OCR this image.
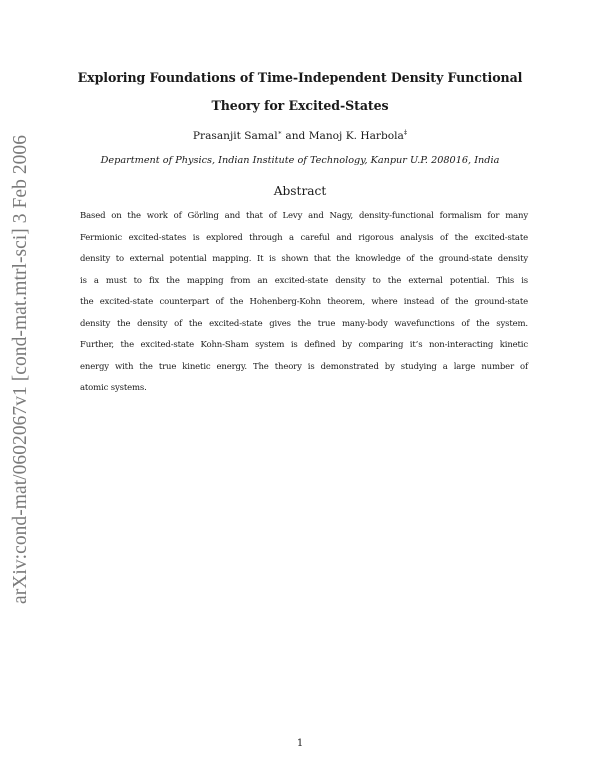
arXiv:cond-mat/0602067v1 [cond-mat.mtrl-sci] 3 Feb 2006
Exploring Foundations of Time-Independent Density Functional
Theory for Excited-States
Prasanjit Samal∗ and Manoj K. Harbola‡
Department of Physics, Indian Institute of Technology, Kanpur U.P. 208016, India
Abstract
Based on the work of Görling and that of Levy and Nagy, density-functional formalism for many
Fermionic excited-states is explored through a careful and rigorous analysis of the excited-state
density to external potential mapping. It is shown that the knowledge of the ground-state density
is a must to fix the mapping from an excited-state density to the external potential. This is
the excited-state counterpart of the Hohenberg-Kohn theorem, where instead of the ground-state
density the density of the excited-state gives the true many-body wavefunctions of the system.
Further, the excited-state Kohn-Sham system is defined by comparing it’s non-interacting kinetic
energy with the true kinetic energy. The theory is demonstrated by studying a large number of
atomic systems.
1
